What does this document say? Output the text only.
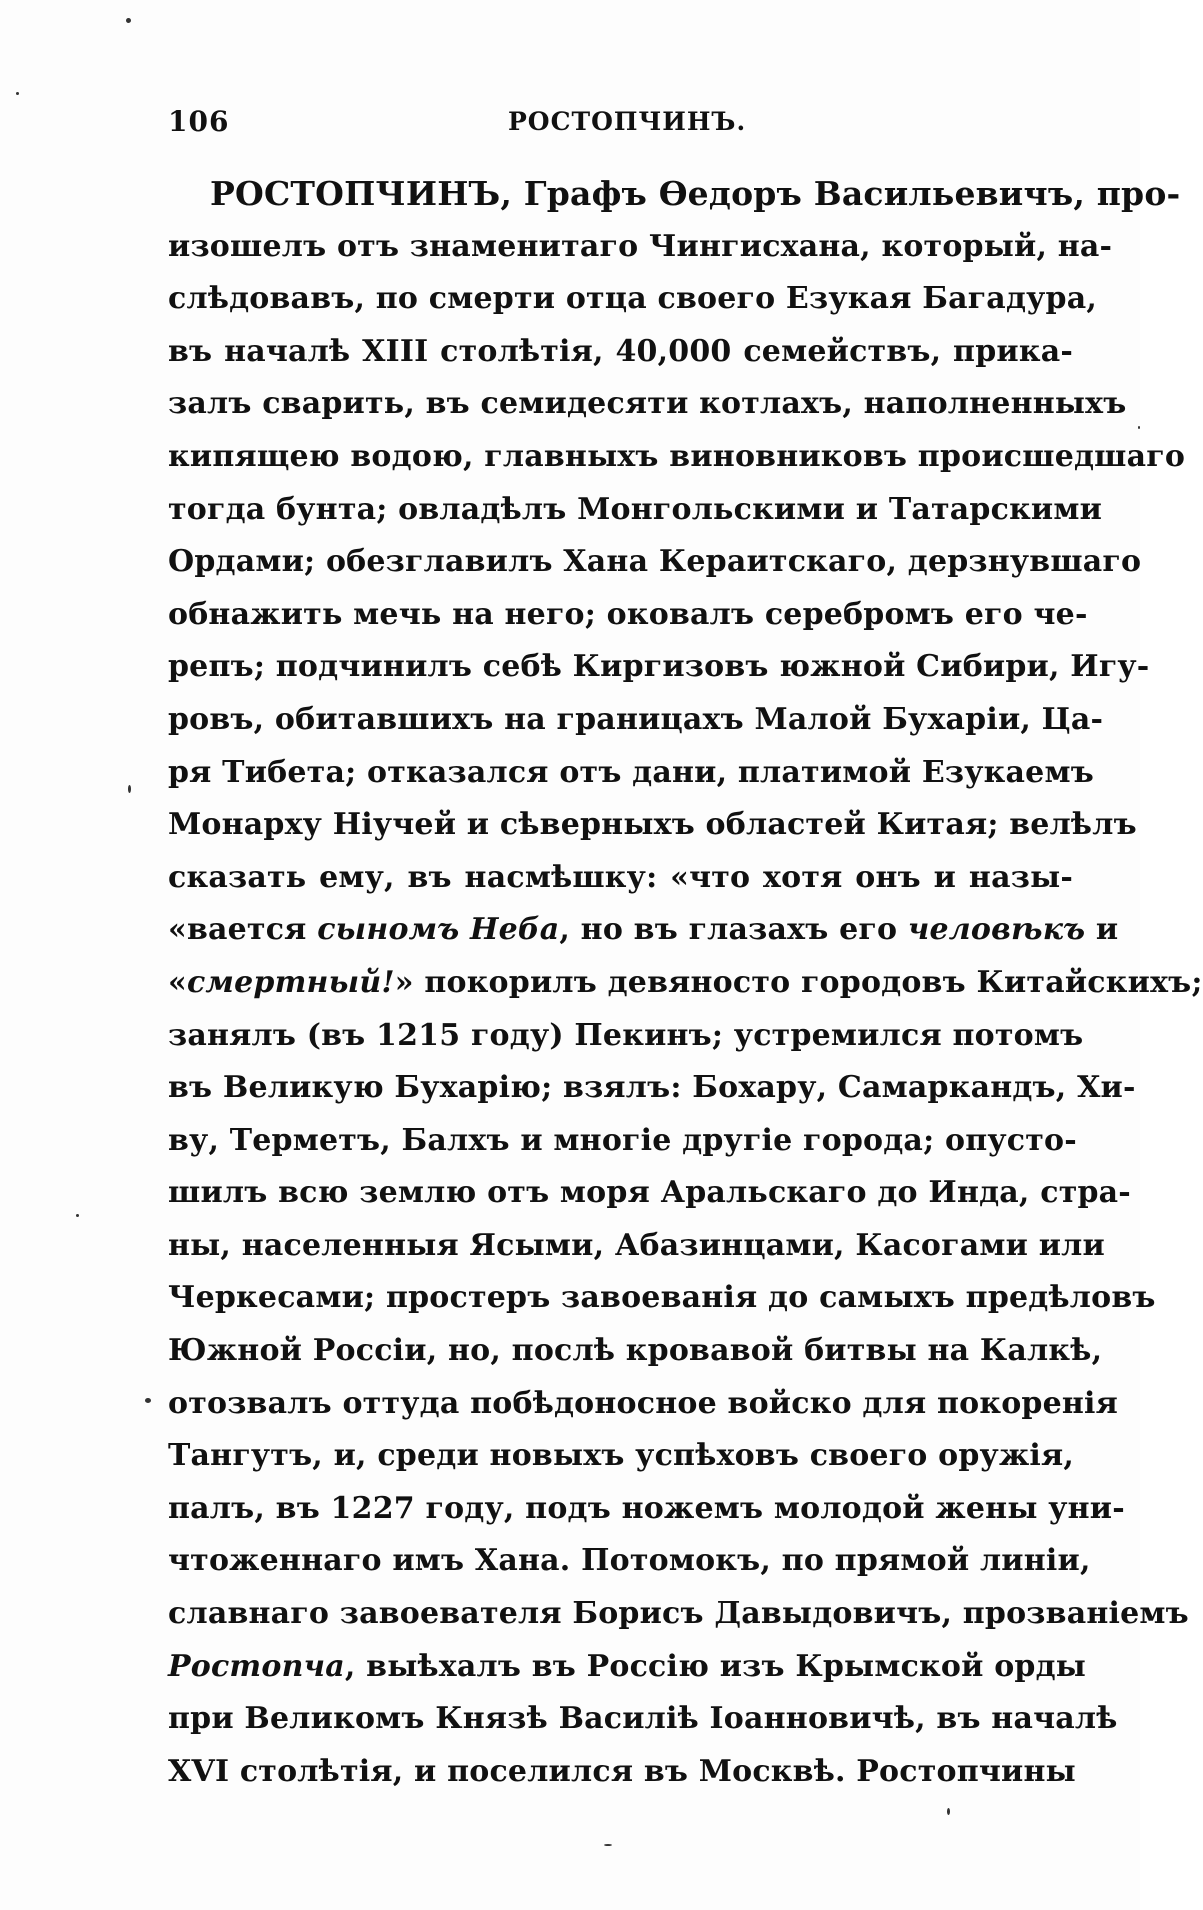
106	РОСТОПЧИНЪ.
РОСТОПЧИНЪ, Графъ Өедоръ Васильевичъ, про-
изошелъ отъ знаменитаго Чингисхана, который, на-
слѣдовавъ, по смерти отца своего Езукая Багадура,
въ началѣ XIII столѣтія, 40,000 семействъ, прика-
залъ сварить, въ семидесяти котлахъ, наполненныхъ
кипящею водою, главныхъ виновниковъ происшедшаго
тогда бунта; овладѣлъ Монгольскими и Татарскими
Ордами; обезглавилъ Хана Кераитскаго, дерзнувшаго
обнажить мечь на него; оковалъ серебромъ его че-
репъ; подчинилъ себѣ Киргизовъ южной Сибири, Игу-
ровъ, обитавшихъ на границахъ Малой Бухаріи, Ца-
ря Тибета; отказался отъ дани, платимой Езукаемъ
Монарху Ніучей и сѣверныхъ областей Китая; велѣлъ
сказать ему, въ насмѣшку: «что хотя онъ и назы-
«вается сыномъ Неба, но въ глазахъ его человѣкъ и
«смертный!» покорилъ девяносто городовъ Китайскихъ;
занялъ (въ 1215 году) Пекинъ; устремился потомъ
въ Великую Бухарію; взялъ: Бохару, Самаркандъ, Хи-
ву, Терметъ, Балхъ и многіе другіе города; опусто-
шилъ всю землю отъ моря Аральскаго до Инда, стра-
ны, населенныя Ясыми, Абазинцами, Касогами или
Черкесами; простеръ завоеванія до самыхъ предѣловъ
Южной Россіи, но, послѣ кровавой битвы на Калкѣ,
отозвалъ оттуда побѣдоносное войско для покоренія
Тангутъ, и, среди новыхъ успѣховъ своего оружія,
палъ, въ 1227 году, подъ ножемъ молодой жены уни-
чтоженнаго имъ Хана. Потомокъ, по прямой линіи,
славнаго завоевателя Борисъ Давыдовичъ, прозваніемъ
Ростопча, выѣхалъ въ Россію изъ Крымской орды
при Великомъ Князѣ Василіѣ Іоанновичѣ, въ началѣ
XVI столѣтія, и поселился въ Москвѣ. Ростопчины
